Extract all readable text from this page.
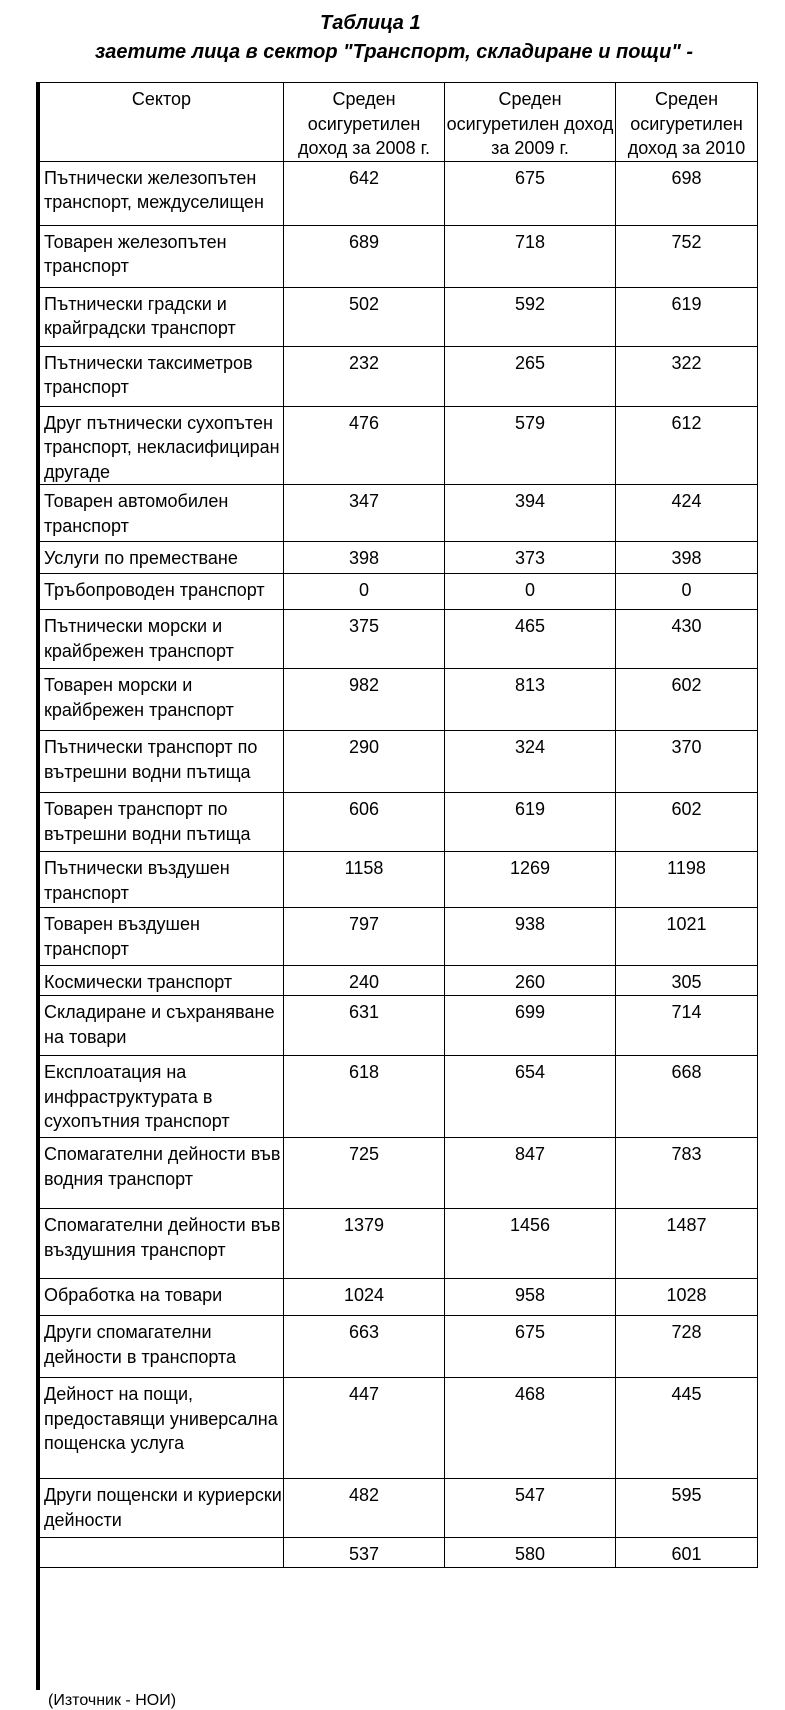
Таблица 1
заетите лица в сектор "Транспорт, складиране и пощи" -
Сектор	Среден осигуретилен доход за 2008 г.	Среден осигуретилен доход за 2009 г.	Среден осигуретилен доход за 2010
Пътнически железопътен транспорт, междуселищен	642	675	698
Товарен железопътен транспорт	689	718	752
Пътнически градски и крайградски транспорт	502	592	619
Пътнически таксиметров транспорт	232	265	322
Друг пътнически сухопътен транспорт, некласифициран другаде	476	579	612
Товарен автомобилен транспорт	347	394	424
Услуги по преместване	398	373	398
Тръбопроводен транспорт	0	0	0
Пътнически морски и крайбрежен транспорт	375	465	430
Товарен морски и крайбрежен транспорт	982	813	602
Пътнически транспорт по вътрешни водни пътища	290	324	370
Товарен транспорт по вътрешни водни пътища	606	619	602
Пътнически въздушен транспорт	1158	1269	1198
Товарен въздушен транспорт	797	938	1021
Космически транспорт	240	260	305
Складиране и съхраняване на товари	631	699	714
Експлоатация на инфраструктурата в сухопътния транспорт	618	654	668
Спомагателни дейности във водния транспорт	725	847	783
Спомагателни дейности във въздушния транспорт	1379	1456	1487
Обработка на товари	1024	958	1028
Други спомагателни дейности в транспорта	663	675	728
Дейност на пощи, предоставящи универсална пощенска услуга	447	468	445
Други пощенски и куриерски дейности	482	547	595
	537	580	601
(Източник - НОИ)
